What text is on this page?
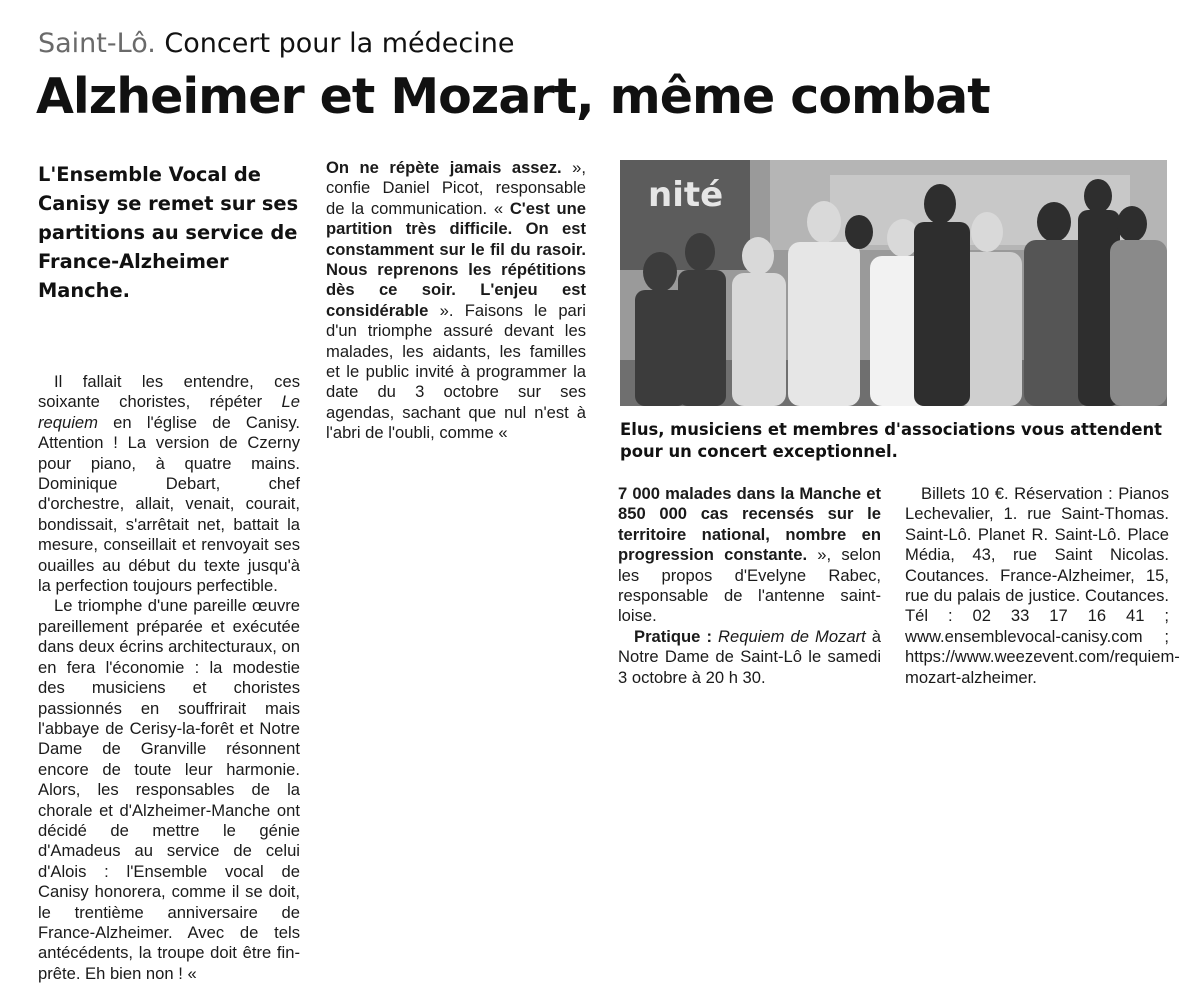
Saint-Lô. Concert pour la médecine
Alzheimer et Mozart, même combat
L'Ensemble Vocal de Canisy se remet sur ses partitions au service de France-Alzheimer Manche.

Il fallait les entendre, ces soixante choristes, répéter Le requiem en l'église de Canisy. Attention ! La version de Czerny pour piano, à quatre mains. Dominique Debart, chef d'orchestre, allait, venait, courait, bondissait, s'arrêtait net, battait la mesure, conseillait et renvoyait ses ouailles au début du texte jusqu'à la perfection toujours perfectible.

Le triomphe d'une pareille œuvre pareillement préparée et exécutée dans deux écrins architecturaux, on en fera l'économie : la modestie des musiciens et choristes passionnés en souffrirait mais l'abbaye de Cerisy-la-forêt et Notre Dame de Granville résonnent encore de toute leur harmonie. Alors, les responsables de la chorale et d'Alzheimer-Manche ont décidé de mettre le génie d'Amadeus au service de celui d'Alois : l'Ensemble vocal de Canisy honorera, comme il se doit, le trentième anniversaire de France-Alzheimer. Avec de tels antécédents, la troupe doit être fin-prête. Eh bien non ! «

On ne répète jamais assez. », confie Daniel Picot, responsable de la communication. « C'est une partition très difficile. On est constamment sur le fil du rasoir. Nous reprenons les répétitions dès ce soir. L'enjeu est considérable ». Faisons le pari d'un triomphe assuré devant les malades, les aidants, les familles et le public invité à programmer la date du 3 octobre sur ses agendas, sachant que nul n'est à l'abri de l'oubli, comme «

7 000 malades dans la Manche et 850 000 cas recensés sur le territoire national, nombre en progression constante. », selon les propos d'Evelyne Rabec, responsable de l'antenne saint-loise.

Pratique : Requiem de Mozart à Notre Dame de Saint-Lô le samedi 3 octobre à 20 h 30.

Billets 10 €. Réservation : Pianos Lechevalier, 1. rue Saint-Thomas. Saint-Lô. Planet R. Saint-Lô. Place Média, 43, rue Saint Nicolas. Coutances. France-Alzheimer, 15, rue du palais de justice. Coutances. Tél : 02 33 17 16 41 ; www.ensemblevocal-canisy.com ; https://www.weezevent.com/requiem-mozart-alzheimer.

nité
Elus, musiciens et membres d'associations vous attendent pour un concert exceptionnel.
